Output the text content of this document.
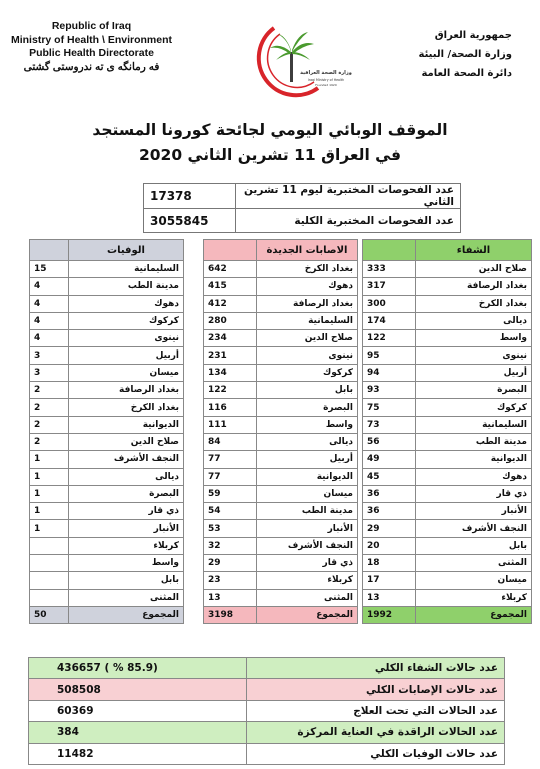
Republic of Iraq
Ministry of Health \ Environment
Public Health Directorate
فه رمانگه ی ته ندروستی گشتی
وزارة الصحة العراقية
Iraqi Ministry of Health
Founded 1920
جمهورية العراق
وزارة الصحة/ البيئة
دائرة الصحة العامة
الموقف الوبائي اليومي لجائحة كورونا المستجد
في العراق 11 تشرين الثاني 2020
17378	عدد الفحوصات المختبرية ليوم 11 تشرين الثاني
3055845	عدد الفحوصات المختبرية الكلية
	الشفاء
333	صلاح الدين
317	بغداد الرصافة
300	بغداد الكرخ
174	ديالى
122	واسط
95	نينوى
94	أربيل
93	البصرة
75	كركوك
73	السليمانية
56	مدينة الطب
49	الديوانية
45	دهوك
36	ذي قار
36	الأنبار
29	النجف الأشرف
20	بابل
18	المثنى
17	ميسان
13	كربلاء
1992	المجموع
	الاصابات الجديدة
642	بغداد الكرخ
415	دهوك
412	بغداد الرصافة
280	السليمانية
234	صلاح الدين
231	نينوى
134	كركوك
122	بابل
116	البصرة
111	واسط
84	ديالى
77	أربيل
77	الديوانية
59	ميسان
54	مدينة الطب
53	الأنبار
32	النجف الأشرف
29	ذي قار
23	كربلاء
13	المثنى
3198	المجموع
	الوفيات
15	السليمانية
4	مدينة الطب
4	دهوك
4	كركوك
4	نينوى
3	أربيل
3	ميسان
2	بغداد الرصافة
2	بغداد الكرخ
2	الديوانية
2	صلاح الدين
1	النجف الأشرف
1	ديالى
1	البصرة
1	ذي قار
1	الأنبار
	كربلاء
	واسط
	بابل
	المثنى
50	المجموع
436657 ( % 85.9)	عدد حالات الشفاء الكلي
508508	عدد حالات الإصابات الكلي
60369	عدد الحالات التي تحت العلاج
384	عدد الحالات الراقدة في العناية المركزة
11482	عدد حالات الوفيات الكلي
